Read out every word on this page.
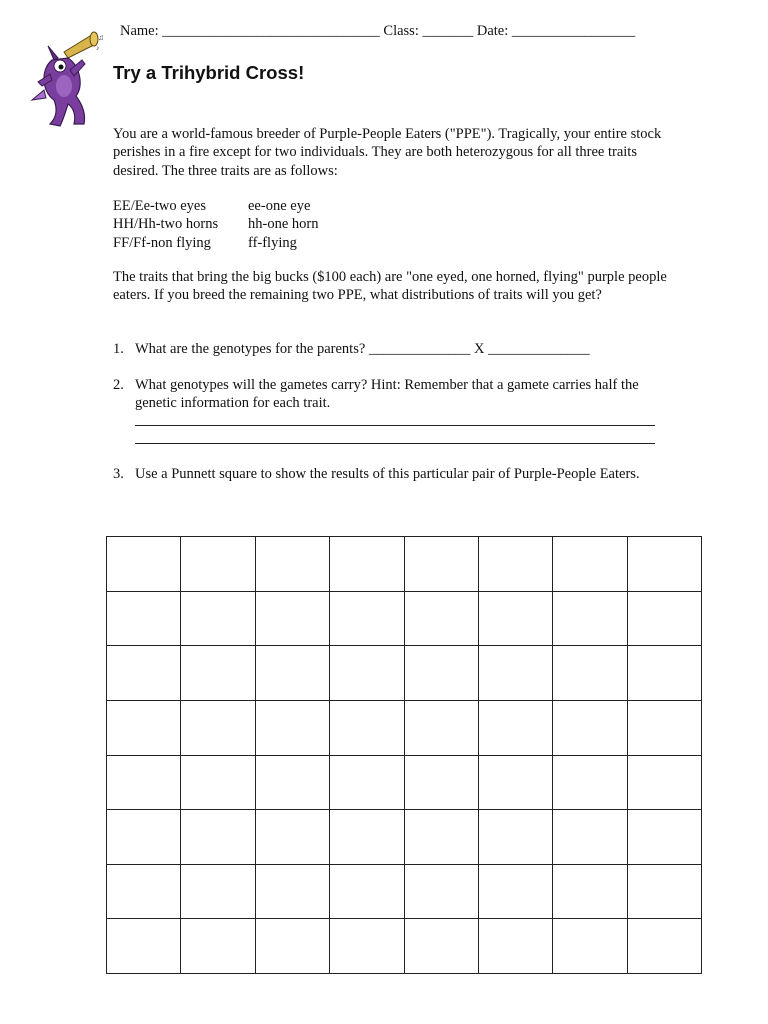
Name: ______________________________ Class: _______ Date: _________________
♫
♪
Try a Trihybrid Cross!

You are a world-famous breeder of Purple-People Eaters ("PPE"). Tragically, your entire stock perishes in a fire except for two individuals. They are both heterozygous for all three traits desired. The three traits are as follows:

EE/Ee-two eyes	ee-one eye
HH/Hh-two horns	hh-one horn
FF/Ff-non flying	ff-flying

The traits that bring the big bucks ($100 each) are "one eyed, one horned, flying" purple people eaters. If you breed the remaining two PPE, what distributions of traits will you get?

1. What are the genotypes for the parents? ______________ X ______________
2. What genotypes will the gametes carry? Hint: Remember that a gamete carries half the genetic information for each trait.
3. Use a Punnett square to show the results of this particular pair of Purple-People Eaters.
